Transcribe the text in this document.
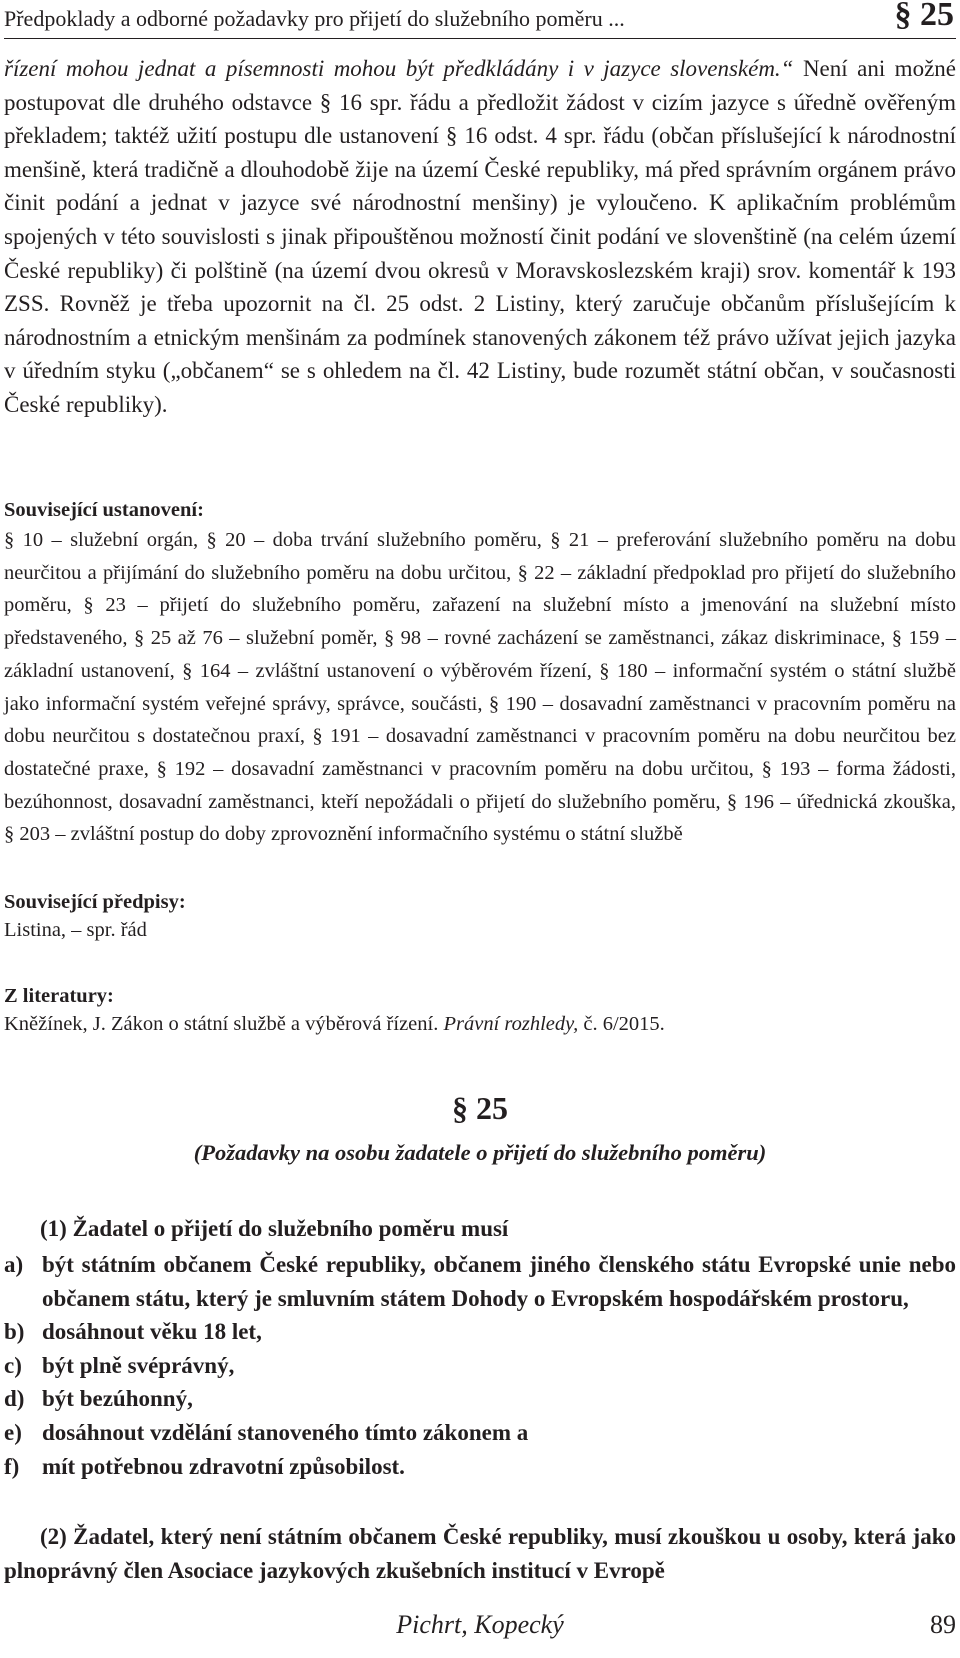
Předpoklady a odborné požadavky pro přijetí do služebního poměru ...	§ 25
řízení mohou jednat a písemnosti mohou být předkládány i v jazyce slovenském.“ Není ani možné postupovat dle druhého odstavce § 16 spr. řádu a předložit žádost v cizím jazyce s úředně ověřeným překladem; taktéž užití postupu dle ustanovení § 16 odst. 4 spr. řádu (občan příslušející k národnostní menšině, která tradičně a dlouhodobě žije na území České republiky, má před správním orgánem právo činit podání a jednat v jazyce své národnostní menšiny) je vyloučeno. K aplikačním problémům spojených v této souvislosti s jinak připouštěnou možností činit podání ve slovenštině (na celém území České republiky) či polštině (na území dvou okresů v Moravskoslezském kraji) srov. komentář k 193 ZSS. Rovněž je třeba upozornit na čl. 25 odst. 2 Listiny, který zaručuje občanům příslušejícím k národnostním a etnickým menšinám za podmínek stanovených zákonem též právo užívat jejich jazyka v úředním styku („občanem“ se s ohledem na čl. 42 Listiny, bude rozumět státní občan, v současnosti České republiky).
Související ustanovení:
§ 10 – služební orgán, § 20 – doba trvání služebního poměru, § 21 – preferování služebního poměru na dobu neurčitou a přijímání do služebního poměru na dobu určitou, § 22 – základní předpoklad pro přijetí do služebního poměru, § 23 – přijetí do služebního poměru, zařazení na služební místo a jmenování na služební místo představeného, § 25 až 76 – služební poměr, § 98 – rovné zacházení se zaměstnanci, zákaz diskriminace, § 159 – základní ustanovení, § 164 – zvláštní ustanovení o výběrovém řízení, § 180 – informační systém o státní službě jako informační systém veřejné správy, správce, součásti, § 190 – dosavadní zaměstnanci v pracovním poměru na dobu neurčitou s dostatečnou praxí, § 191 – dosavadní zaměstnanci v pracovním poměru na dobu neurčitou bez dostatečné praxe, § 192 – dosavadní zaměstnanci v pracovním poměru na dobu určitou, § 193 – forma žádosti, bezúhonnost, dosavadní zaměstnanci, kteří nepožádali o přijetí do služebního poměru, § 196 – úřednická zkouška, § 203 – zvláštní postup do doby zprovoznění informačního systému o státní službě
Související předpisy:
Listina, – spr. řád
Z literatury:
Kněžínek, J. Zákon o státní službě a výběrová řízení. Právní rozhledy, č. 6/2015.
§ 25
(Požadavky na osobu žadatele o přijetí do služebního poměru)
(1) Žadatel o přijetí do služebního poměru musí
a) být státním občanem České republiky, občanem jiného členského státu Evropské unie nebo občanem státu, který je smluvním státem Dohody o Evropském hospodářském prostoru,
b) dosáhnout věku 18 let,
c) být plně svéprávný,
d) být bezúhonný,
e) dosáhnout vzdělání stanoveného tímto zákonem a
f) mít potřebnou zdravotní způsobilost.
(2) Žadatel, který není státním občanem České republiky, musí zkouškou u osoby, která jako plnoprávný člen Asociace jazykových zkušebních institucí v Evropě
Pichrt, Kopecký	89
